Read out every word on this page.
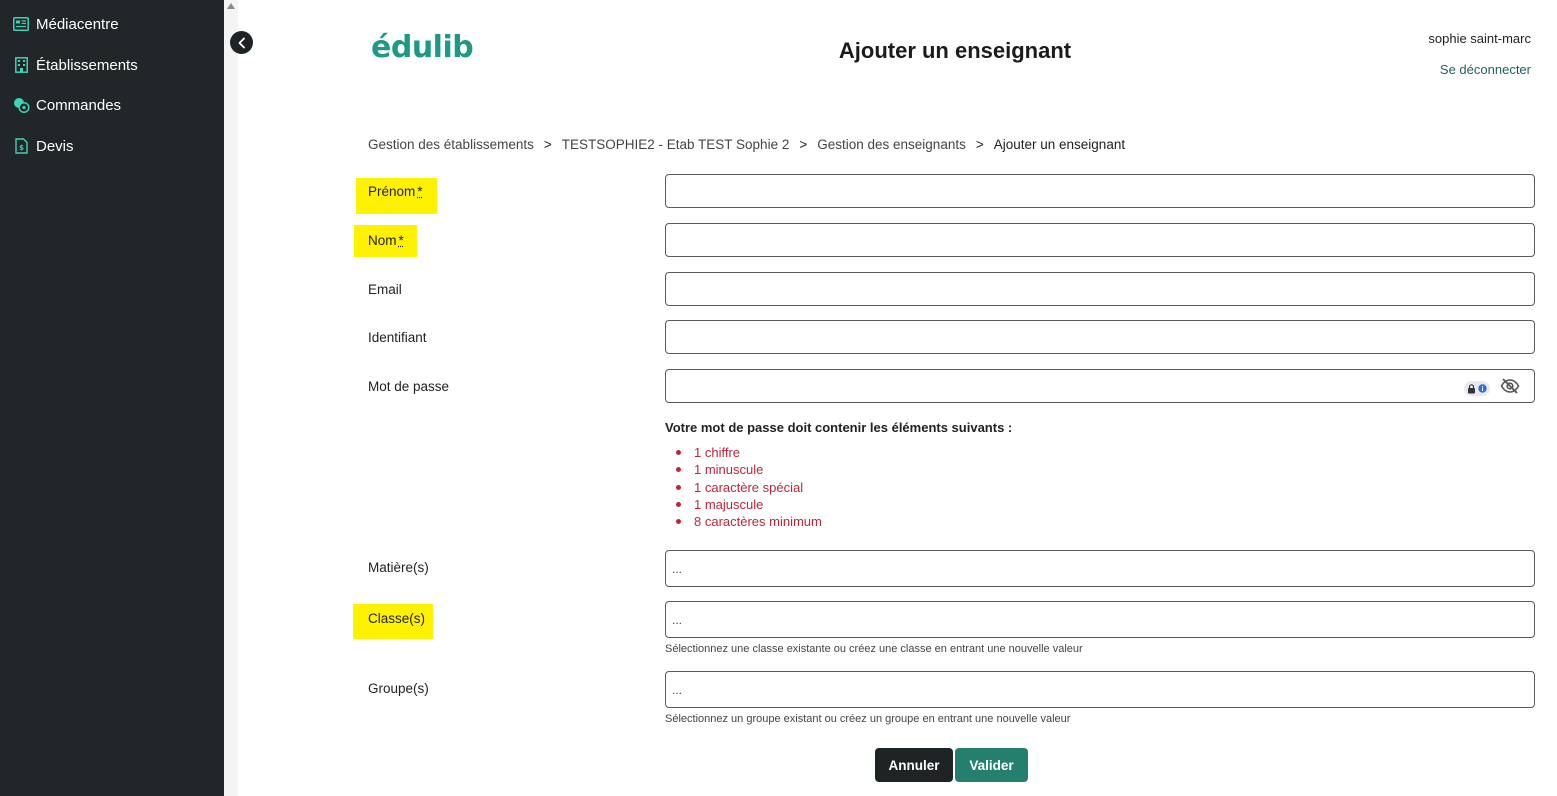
Médiacentre
Établissements
Commandes
$ Devis
édulib	Ajouter un enseignant	sophie saint-marc
Se déconnecter
Gestion des établissements > TESTSOPHIE2 - Etab TEST Sophie 2 > Gestion des enseignants > Ajouter un enseignant
Prénom *
Nom *
Email
Identifiant
Mot de passe
Votre mot de passe doit contenir les éléments suivants :
1 chiffre
1 minuscule
1 caractère spécial
1 majuscule
8 caractères minimum
Matière(s)	...
Classe(s)	...
Sélectionnez une classe existante ou créez une classe en entrant une nouvelle valeur
Groupe(s)	...
Sélectionnez un groupe existant ou créez un groupe en entrant une nouvelle valeur
Annuler	Valider
